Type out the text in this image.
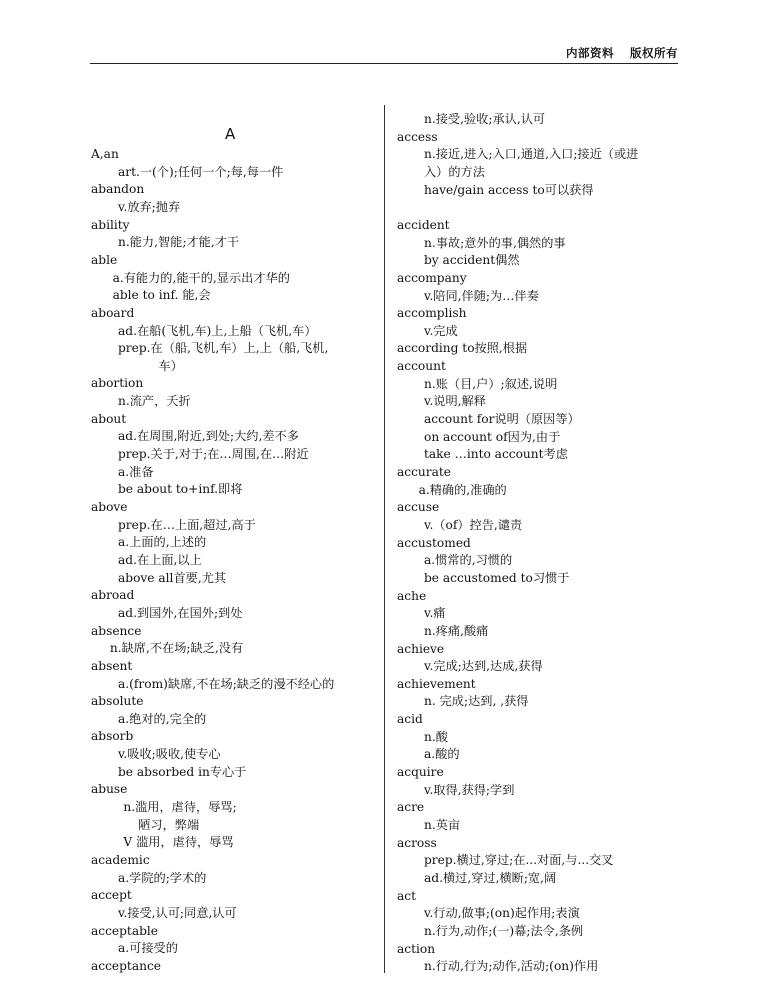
内部资料 版权所有
A
A,an
art.一(个);任何一个;每,每一件
abandon
v.放弃;抛弃
ability
n.能力,智能;才能,才干
able
a.有能力的,能干的,显示出才华的
able to inf. 能,会
aboard
ad.在船(飞机,车)上,上船（飞机,车）
prep.在（船,飞机,车）上,上（船,飞机,
车）
abortion
n.流产，夭折
about
ad.在周围,附近,到处;大约,差不多
prep.关于,对于;在…周围,在…附近
a.准备
be about to+inf.即将
above
prep.在…上面,超过,高于
a.上面的,上述的
ad.在上面,以上
above all首要,尤其
abroad
ad.到国外,在国外;到处
absence
n.缺席,不在场;缺乏,没有
absent
a.(from)缺席,不在场;缺乏的漫不经心的
absolute
a.绝对的,完全的
absorb
v.吸收;吸收,使专心
be absorbed in专心于
abuse
n.滥用，虐待，辱骂;
陋习，弊端
V 滥用，虐待，辱骂
academic
a.学院的;学术的
accept
v.接受,认可;同意,认可
acceptable
a.可接受的
acceptance
n.接受,验收;承认,认可
access
n.接近,进入;入口,通道,入口;接近（或进
入）的方法
have/gain access to可以获得
accident
n.事故;意外的事,偶然的事
by accident偶然
accompany
v.陪同,伴随;为…伴奏
accomplish
v.完成
according to按照,根据
account
n.账（目,户）;叙述,说明
v.说明,解释
account for说明（原因等）
on account of因为,由于
take …into account考虑
accurate
a.精确的,准确的
accuse
v.（of）控告,谴责
accustomed
a.惯常的,习惯的
be accustomed to习惯于
ache
v.痛
n.疼痛,酸痛
achieve
v.完成;达到,达成,获得
achievement
n. 完成;达到, ,获得
acid
n.酸
a.酸的
acquire
v.取得,获得;学到
acre
n.英亩
across
prep.横过,穿过;在...对面,与...交叉
ad.横过,穿过,横断;宽,阔
act
v.行动,做事;(on)起作用;表演
n.行为,动作;(一)幕;法令,条例
action
n.行动,行为;动作,活动;(on)作用
